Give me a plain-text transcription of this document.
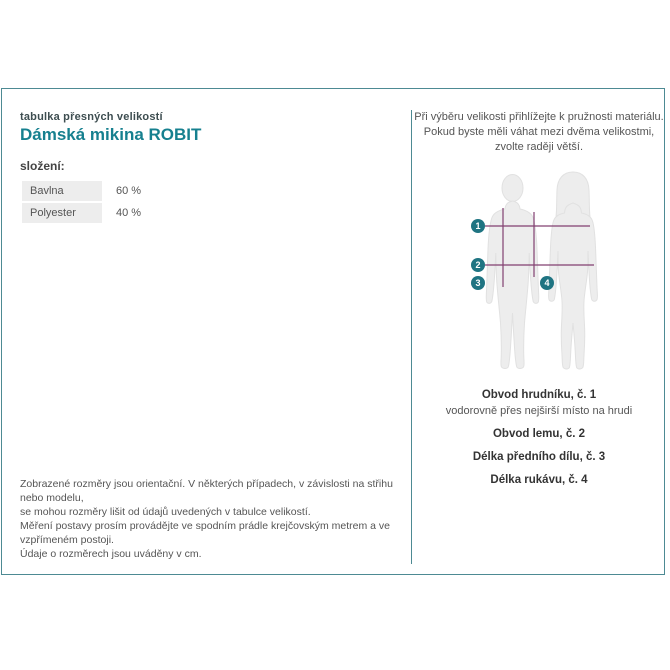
tabulka přesných velikostí
Dámská mikina ROBIT
složení:
Bavlna	60 %
Polyester	40 %
Zobrazené rozměry jsou orientační. V některých případech, v závislosti na střihu nebo modelu,
se mohou rozměry lišit od údajů uvedených v tabulce velikostí.
Měření postavy prosím provádějte ve spodním prádle krejčovským metrem a ve vzpřímeném postoji.
Údaje o rozměrech jsou uváděny v cm.
Při výběru velikosti přihlížejte k pružnosti materiálu.
Pokud byste měli váhat mezi dvěma velikostmi,
zvolte raději větší.
1
2
3	4
Obvod hrudníku, č. 1
vodorovně přes nejširší místo na hrudi
Obvod lemu, č. 2
Délka předního dílu, č. 3
Délka rukávu, č. 4
